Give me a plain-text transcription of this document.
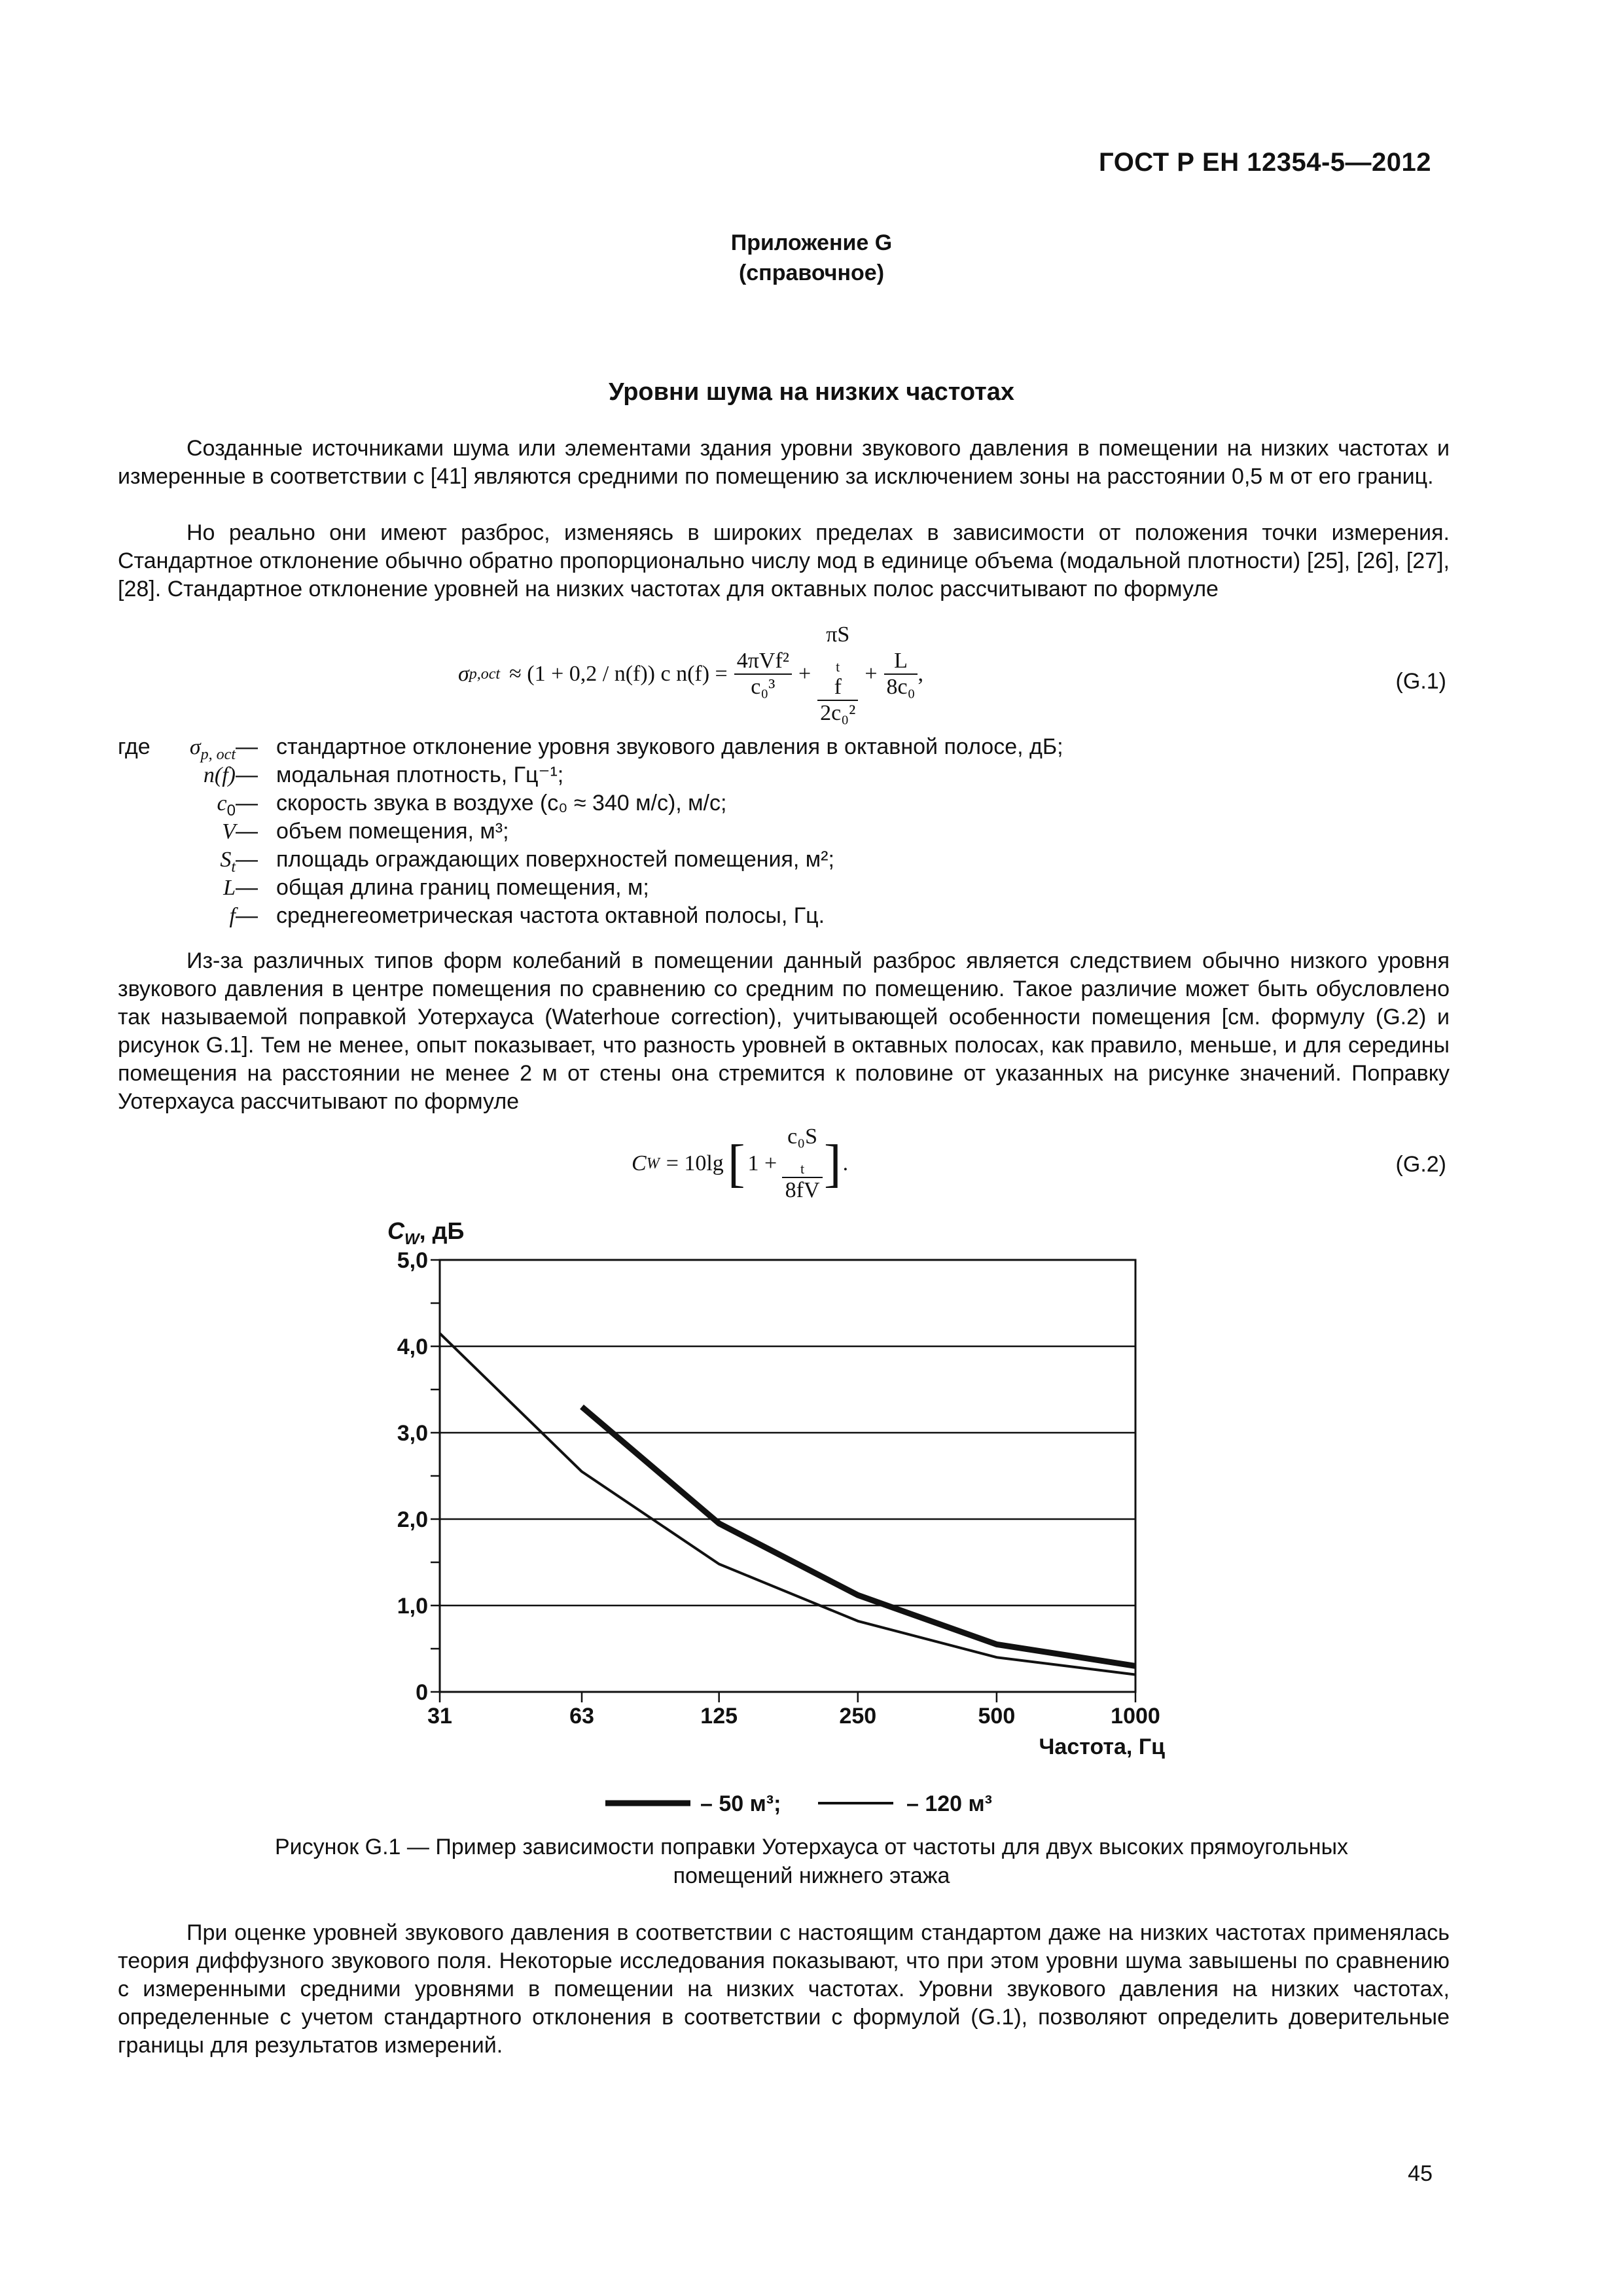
ГОСТ Р ЕН 12354-5—2012
Приложение G
(справочное)
Уровни шума на низких частотах
Созданные источниками шума или элементами здания уровни звукового давления в помещении на низких частотах и измеренные в соответствии с [41] являются средними по помещению за исключением зоны на расстоянии 0,5 м от его границ.
Но реально они имеют разброс, изменяясь в широких пределах в зависимости от положения точки измерения. Стандартное отклонение обычно обратно пропорционально числу мод в единице объема (модальной плотности) [25], [26], [27], [28]. Стандартное отклонение уровней на низких частотах для октавных полос рассчитывают по формуле
σ p,oct ≈ (1 + 0,2 / n(f)) с $n(f) = \frac{\text{4πVf²}}{\text{c₀³}} + \pi S$
$_t$
f
$2c_0^2 + \frac{L}{\text{8c₀}}$ ,	(G.1)
где	$\sigma_{p, oct}$ — стандартное отклонение уровня звукового давления в октавной полосе, дБ;
n(f) — модальная плотность, Гц⁻¹;
$c_0$ — скорость звука в воздухе (c₀ ≈ 340 м/с), м/с;
V — объем помещения, м³;
$S_t$ — площадь ограждающих поверхностей помещения, м²;
L — общая длина границ помещения, м;
f — среднегеометрическая частота октавной полосы, Гц.
Из-за различных типов форм колебаний в помещении данный разброс является следствием обычно низкого уровня звукового давления в центре помещения по сравнению со средним по помещению. Такое различие может быть обусловлено так называемой поправкой Уотерхауса (Waterhoue correction), учитывающей особенности помещения [см. формулу (G.2) и рисунок G.1]. Тем не менее, опыт показывает, что разность уровней в октавных полосах, как правило, меньше, и для середины помещения на расстоянии не менее 2 м от стены она стремится к половине от указанных на рисунке значений. Поправку Уотерхауса рассчитывают по формуле
C W = 10lg [ 1 + c₀S
$_t$
8fV ] .	(G.2)
0
1,0
2,0
3,0
4,0
5,0
31	63	125	250	500	1000
$C_W$, дБ
Частота, Гц
– 50 м³;	– 120 м³
Рисунок G.1 — Пример зависимости поправки Уотерхауса от частоты для двух высоких прямоугольных
помещений нижнего этажа
При оценке уровней звукового давления в соответствии с настоящим стандартом даже на низких частотах применялась теория диффузного звукового поля. Некоторые исследования показывают, что при этом уровни шума завышены по сравнению с измеренными средними уровнями в помещении на низких частотах. Уровни звукового давления на низких частотах, определенные с учетом стандартного отклонения в соответствии с формулой (G.1), позволяют определить доверительные границы для результатов измерений.
45
